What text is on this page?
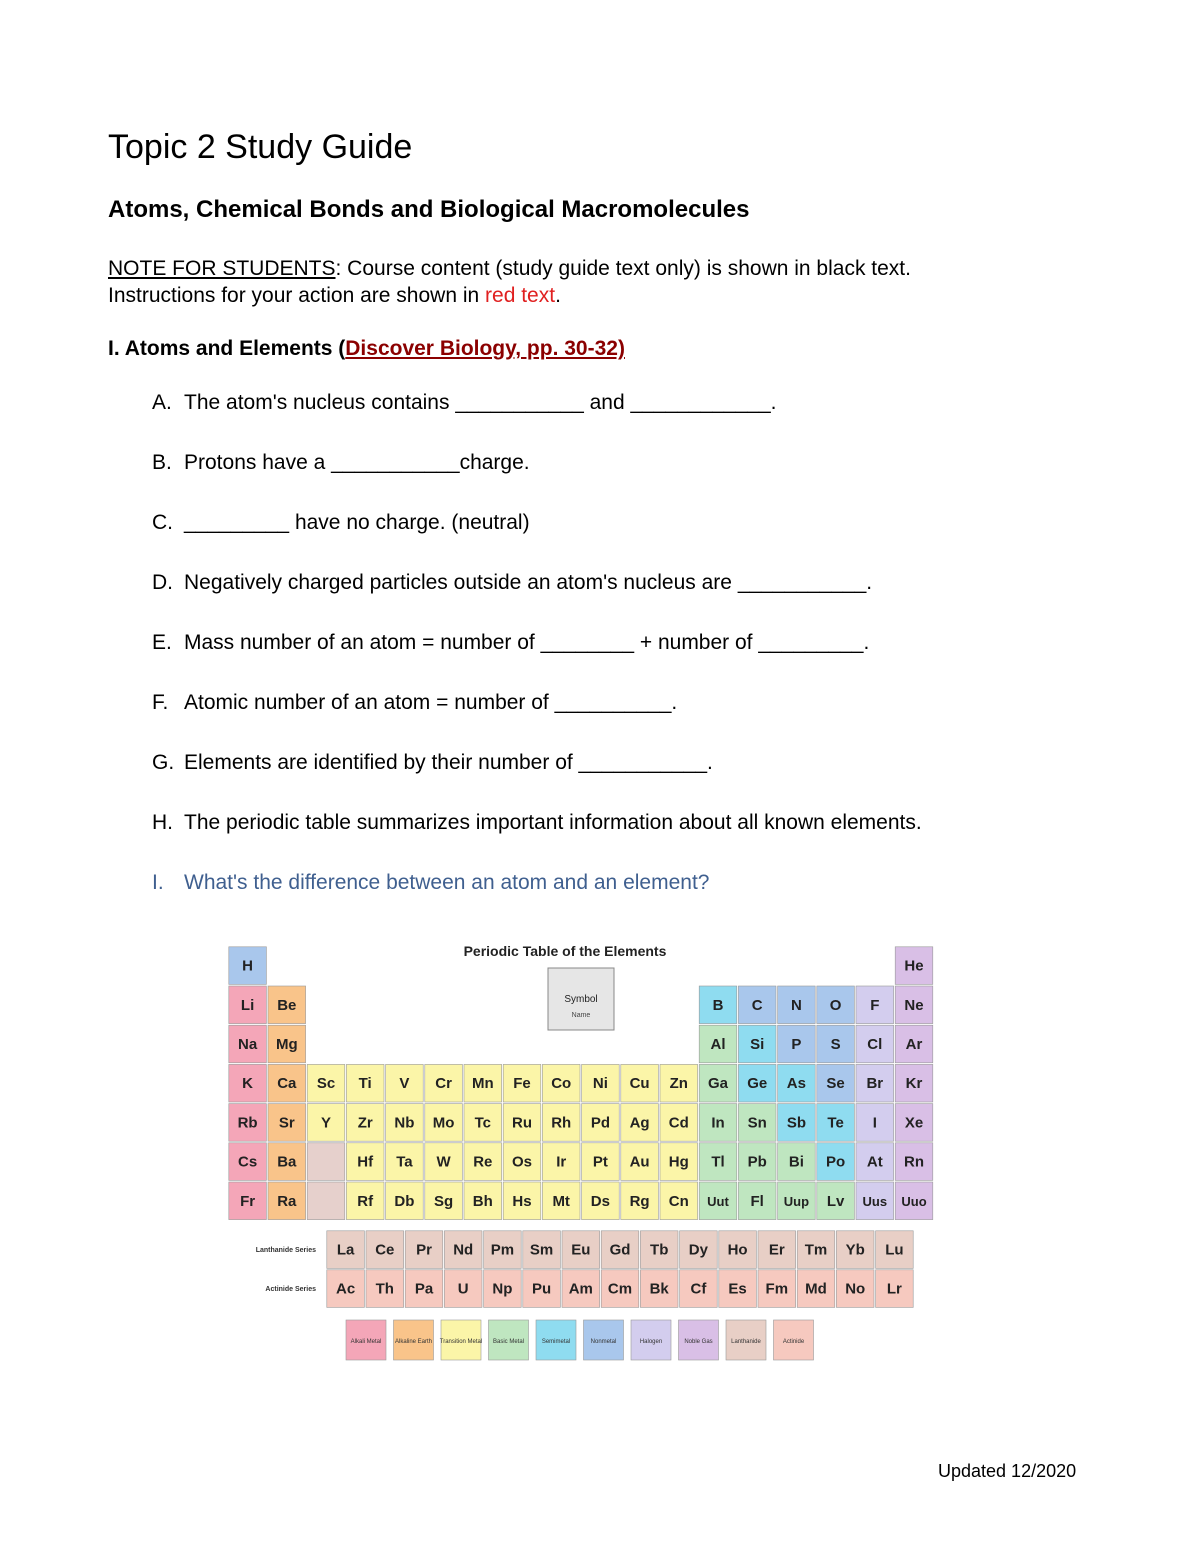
Topic 2 Study Guide
Atoms, Chemical Bonds and Biological Macromolecules
NOTE FOR STUDENTS: Course content (study guide text only) is shown in black text.
Instructions for your action are shown in red text.
I. Atoms and Elements (Discover Biology, pp. 30-32)
A. The atom's nucleus contains ___________ and ____________.
B. Protons have a ___________charge.
C. _________ have no charge. (neutral)
D. Negatively charged particles outside an atom's nucleus are ___________.
E. Mass number of an atom = number of ________ + number of _________.
F. Atomic number of an atom = number of __________.
G. Elements are identified by their number of ___________.
H. The periodic table summarizes important information about all known elements.
I. What's the difference between an atom and an element?
Periodic Table of the Elements
Symbol
Name
H	He
Li Be	B C N O F Ne
Na Mg	Al Si P S Cl Ar
K Ca Sc Ti V Cr Mn Fe Co Ni Cu Zn Ga Ge As Se Br Kr
Rb Sr Y Zr Nb Mo Tc Ru Rh Pd Ag Cd In Sn Sb Te I Xe
Cs Ba	Hf Ta W Re Os Ir Pt Au Hg Tl Pb Bi Po At Rn
Fr Ra	Rf Db Sg Bh Hs Mt Ds Rg Cn Uut Fl Uup Lv Uus Uuo
Lanthanide Series
Actinide Series
La Ce Pr Nd Pm Sm Eu Gd Tb Dy Ho Er Tm Yb Lu
Ac Th Pa U Np Pu Am Cm Bk Cf Es Fm Md No Lr
Alkali Metal Alkaline Earth Transition Metal Basic Metal	Semimetal	Nonmetal	Halogen	Noble Gas	Lanthanide	Actinide
Updated 12/2020
